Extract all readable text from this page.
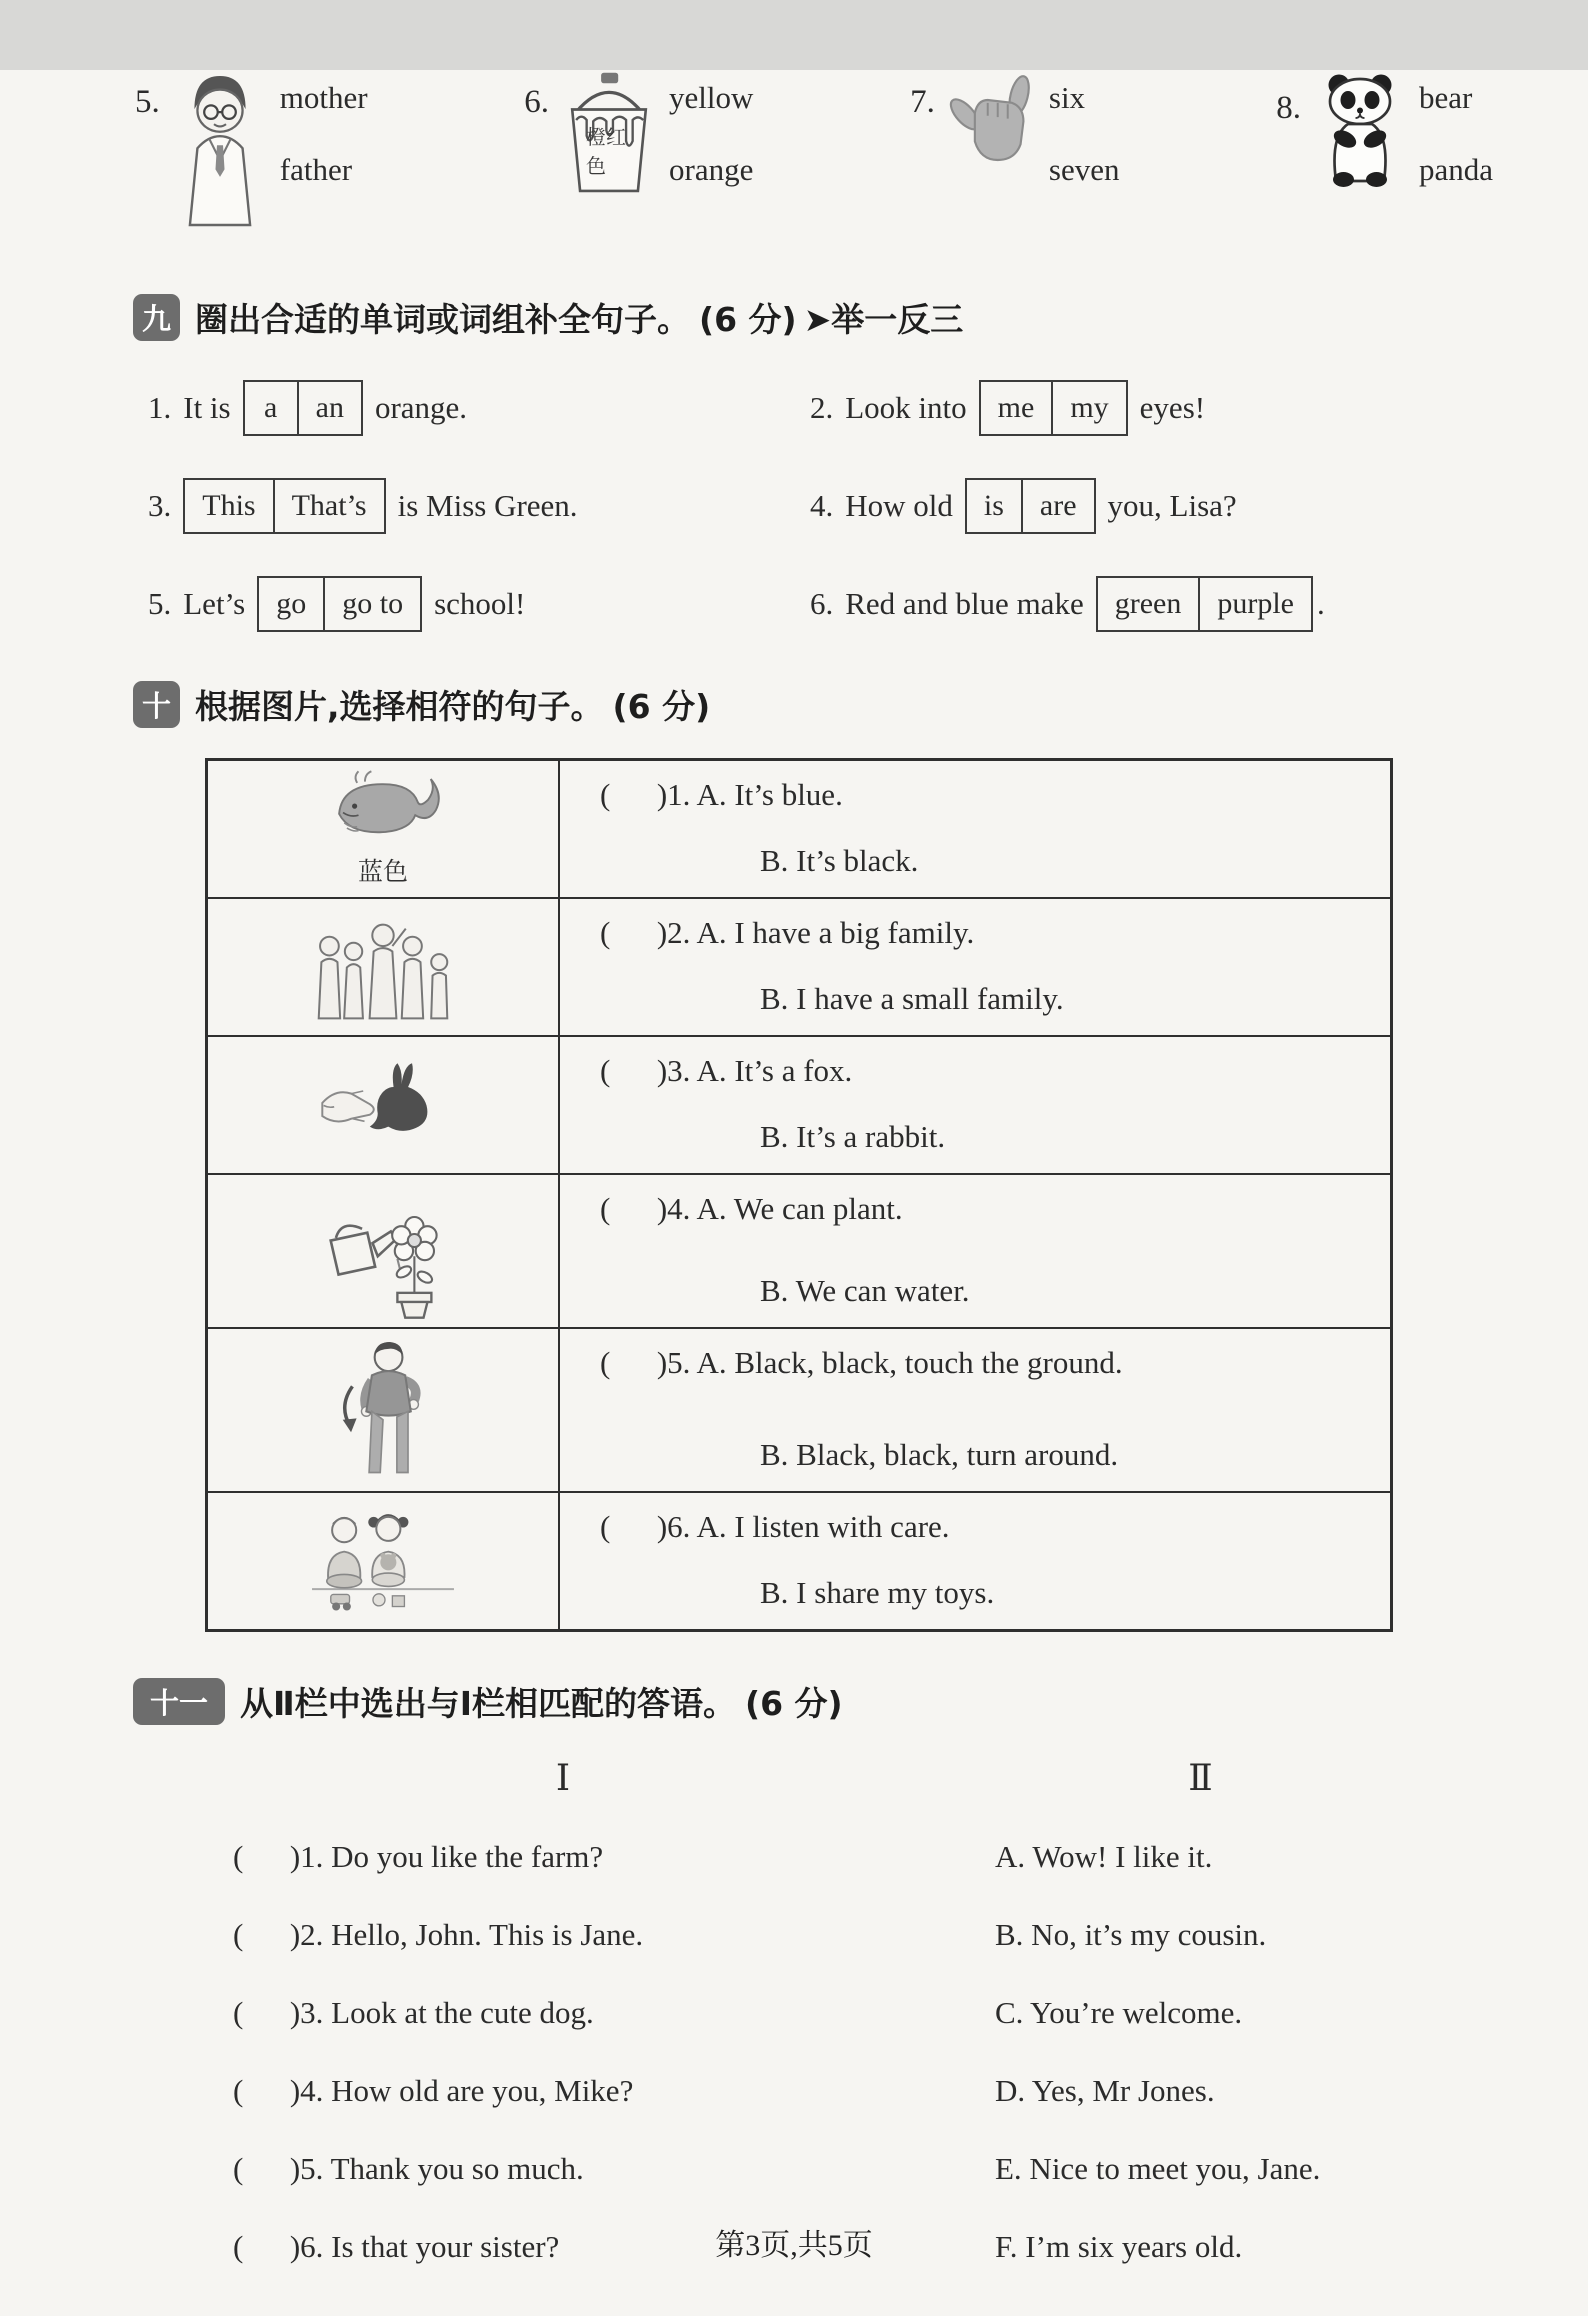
5.	mother
father
6.
橙红色
yellow
orange
7.	six
seven
8.	bear
panda
九 圈出合适的单词或词组补全句子。 (6 分) ➤举一反三
1. It is	a	an	orange.	2. Look into	me	my	eyes!
3.	This	That’s	is Miss Green.	4. How old	is	are	you, Lisa?
5. Let’s	go	go to	school!	6. Red and blue make	green	purple .
十 根据图片,选择相符的句子。 (6 分)
蓝色
(      ) 1. A. It’s blue.
B. It’s black.
(      ) 2. A. I have a big family.
B. I have a small family.
(      ) 3. A. It’s a fox.
B. It’s a rabbit.
(      ) 4. A. We can plant.
B. We can water.
(      ) 5. A. Black, black, touch the ground.
B. Black, black, turn around.
(      ) 6. A. I listen with care.
B. I share my toys.
十一 从Ⅱ栏中选出与Ⅰ栏相匹配的答语。 (6 分)
Ⅰ	Ⅱ
(      ) 1. Do you like the farm?	A. Wow! I like it.
(      ) 2. Hello, John. This is Jane.	B. No, it’s my cousin.
(      ) 3. Look at the cute dog.	C. You’re welcome.
(      ) 4. How old are you, Mike?	D. Yes, Mr Jones.
(      ) 5. Thank you so much.	E. Nice to meet you, Jane.
(      ) 6. Is that your sister?	F. I’m six years old.
第3页,共5页
